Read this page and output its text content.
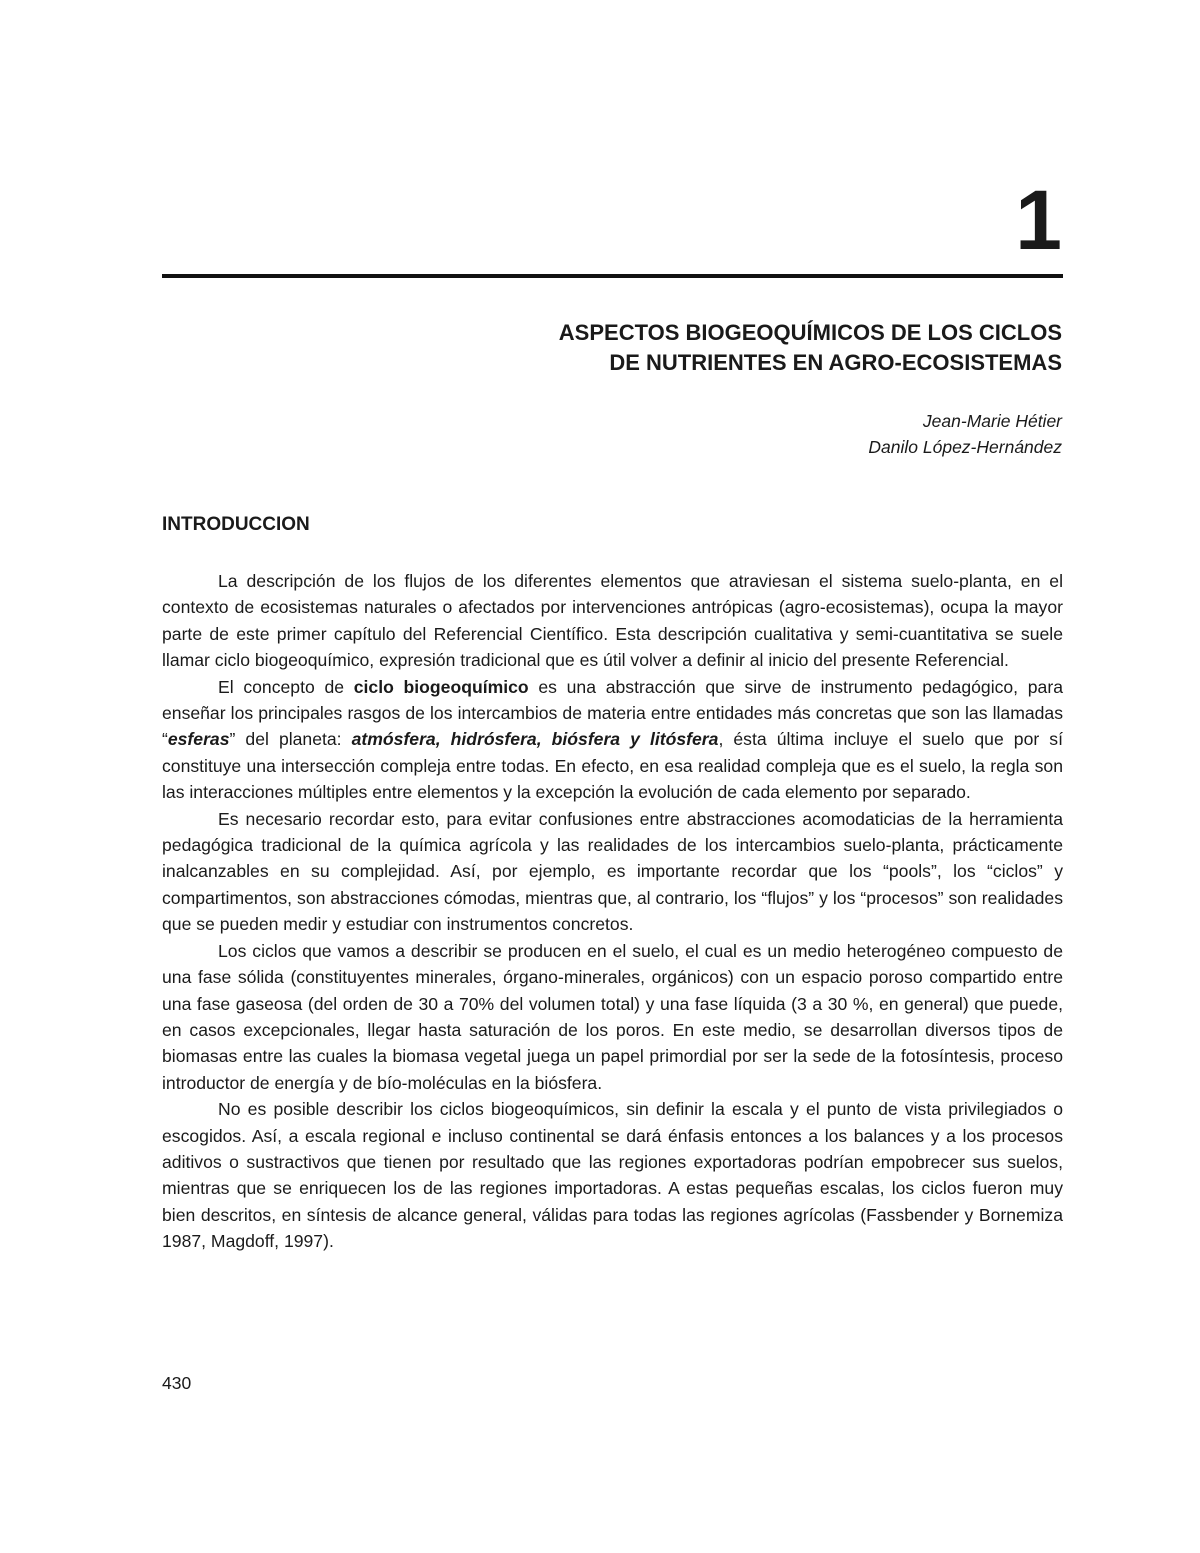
1
ASPECTOS BIOGEOQUÍMICOS DE LOS CICLOS
DE NUTRIENTES EN AGRO-ECOSISTEMAS
Jean-Marie Hétier
Danilo López-Hernández
INTRODUCCION

La descripción de los flujos de los diferentes elementos que atraviesan el sistema suelo-planta, en el contexto de ecosistemas naturales o afectados por intervenciones antrópicas (agro-ecosistemas), ocupa la mayor parte de este primer capítulo del Referencial Científico. Esta descripción cualitativa y semi-cuantitativa se suele llamar ciclo biogeoquímico, expresión tradicional que es útil volver a definir al inicio del presente Referencial.

El concepto de ciclo biogeoquímico es una abstracción que sirve de instrumento pedagógico, para enseñar los principales rasgos de los intercambios de materia entre entidades más concretas que son las llamadas “esferas” del planeta: atmósfera, hidrósfera, biósfera y litósfera, ésta última incluye el suelo que por sí constituye una intersección compleja entre todas. En efecto, en esa realidad compleja que es el suelo, la regla son las interacciones múltiples entre elementos y la excepción la evolución de cada elemento por separado.

Es necesario recordar esto, para evitar confusiones entre abstracciones acomodaticias de la herramienta pedagógica tradicional de la química agrícola y las realidades de los intercambios suelo-planta, prácticamente inalcanzables en su complejidad. Así, por ejemplo, es importante recordar que los “pools”, los “ciclos” y compartimentos, son abstracciones cómodas, mientras que, al contrario, los “flujos” y los “procesos” son realidades que se pueden medir y estudiar con instrumentos concretos.

Los ciclos que vamos a describir se producen en el suelo, el cual es un medio heterogéneo compuesto de una fase sólida (constituyentes minerales, órgano-minerales, orgánicos) con un espacio poroso compartido entre una fase gaseosa (del orden de 30 a 70% del volumen total) y una fase líquida (3 a 30 %, en general) que puede, en casos excepcionales, llegar hasta saturación de los poros. En este medio, se desarrollan diversos tipos de biomasas entre las cuales la biomasa vegetal juega un papel primordial por ser la sede de la fotosíntesis, proceso introductor de energía y de bío-moléculas en la biósfera.

No es posible describir los ciclos biogeoquímicos, sin definir la escala y el punto de vista privilegiados o escogidos. Así, a escala regional e incluso continental se dará énfasis entonces a los balances y a los procesos aditivos o sustractivos que tienen por resultado que las regiones exportadoras podrían empobrecer sus suelos, mientras que se enriquecen los de las regiones importadoras. A estas pequeñas escalas, los ciclos fueron muy bien descritos, en síntesis de alcance general, válidas para todas las regiones agrícolas (Fassbender y Bornemiza 1987, Magdoff, 1997).

430
